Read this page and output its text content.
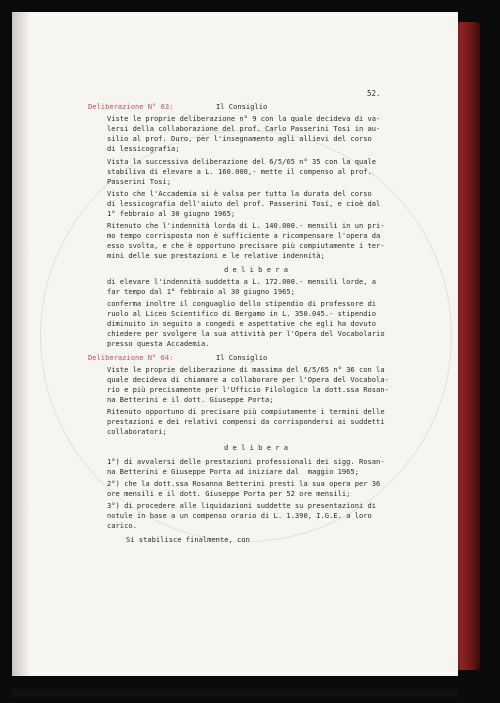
52.
Deliberazione N° 63:	Il Consiglio
Viste le proprie deliberazione n° 9 con la quale decideva di va-
lersi della collaborazione del prof. Carlo Passerini Tosi in au-
silio al prof. Duro, per l'insegnamento agli allievi del corso
di lessicografia;
Vista la successiva deliberazione del 6/5/65 n° 35 con la quale
stabiliva di elevare a L. 160.000,- mette il compenso al prof.
Passerini Tosi;
Visto che l'Accademia si è valsa per tutta la durata del corso
di lessicografia dell'aiuto del prof. Passerini Tosi, e cioè dal
1° febbraio al 30 giugno 1965;
Ritenuto che l'indennità lorda di L. 140.000.- mensili in un pri-
mo tempo corrisposta non è sufficiente a ricompensare l'opera da
esso svolta, e che è opportuno precisare più compiutamente i ter-
mini delle sue prestazioni e le relative indennità;
d e l i b e r a
di elevare l'indennità suddetta a L. 172.000.- mensili lorde, a
far tempo dal 1° febbraio al 30 giugno 1965;
conferma inoltre il conguaglio dello stipendio di professore di
ruolo al Liceo Scientifico di Bergamo in L. 350.045.- stipendio
diminuito in seguito a congedi e aspettative che egli ha dovuto
chiedere per svolgere la sua attività per l'Opera del Vocabolario
presso questa Accademia.
Deliberazione N° 64:	Il Consiglio
Viste le proprie deliberazione di massima del 6/5/65 n° 36 con la
quale decideva di chiamare a collaborare per l'Opera del Vocabola-
rio e più precisamente per l'Ufficio Filologico la dott.ssa Rosan-
na Betterini e il dott. Giuseppe Porta;
Ritenuto opportuno di precisare più compiutamente i termini delle
prestazioni e dei relativi compensi da corrispondersi ai suddetti
collaboratori;
d e l i b e r a
1°) di avvalersi delle prestazioni professionali dei sigg. Rosan-
na Betterini e Giuseppe Porta ad iniziare dal  maggio 1965;
2°) che la dott.ssa Rosanna Betterini presti la sua opera per 36
ore mensili e il dott. Giuseppe Porta per 52 ore mensili;
3°) di procedere alle liquidazioni suddette su presentazioni di
notule in base a un compenso orario di L. 1.390, I.G.E. a loro
carico.
Si stabilisce finalmente, con
